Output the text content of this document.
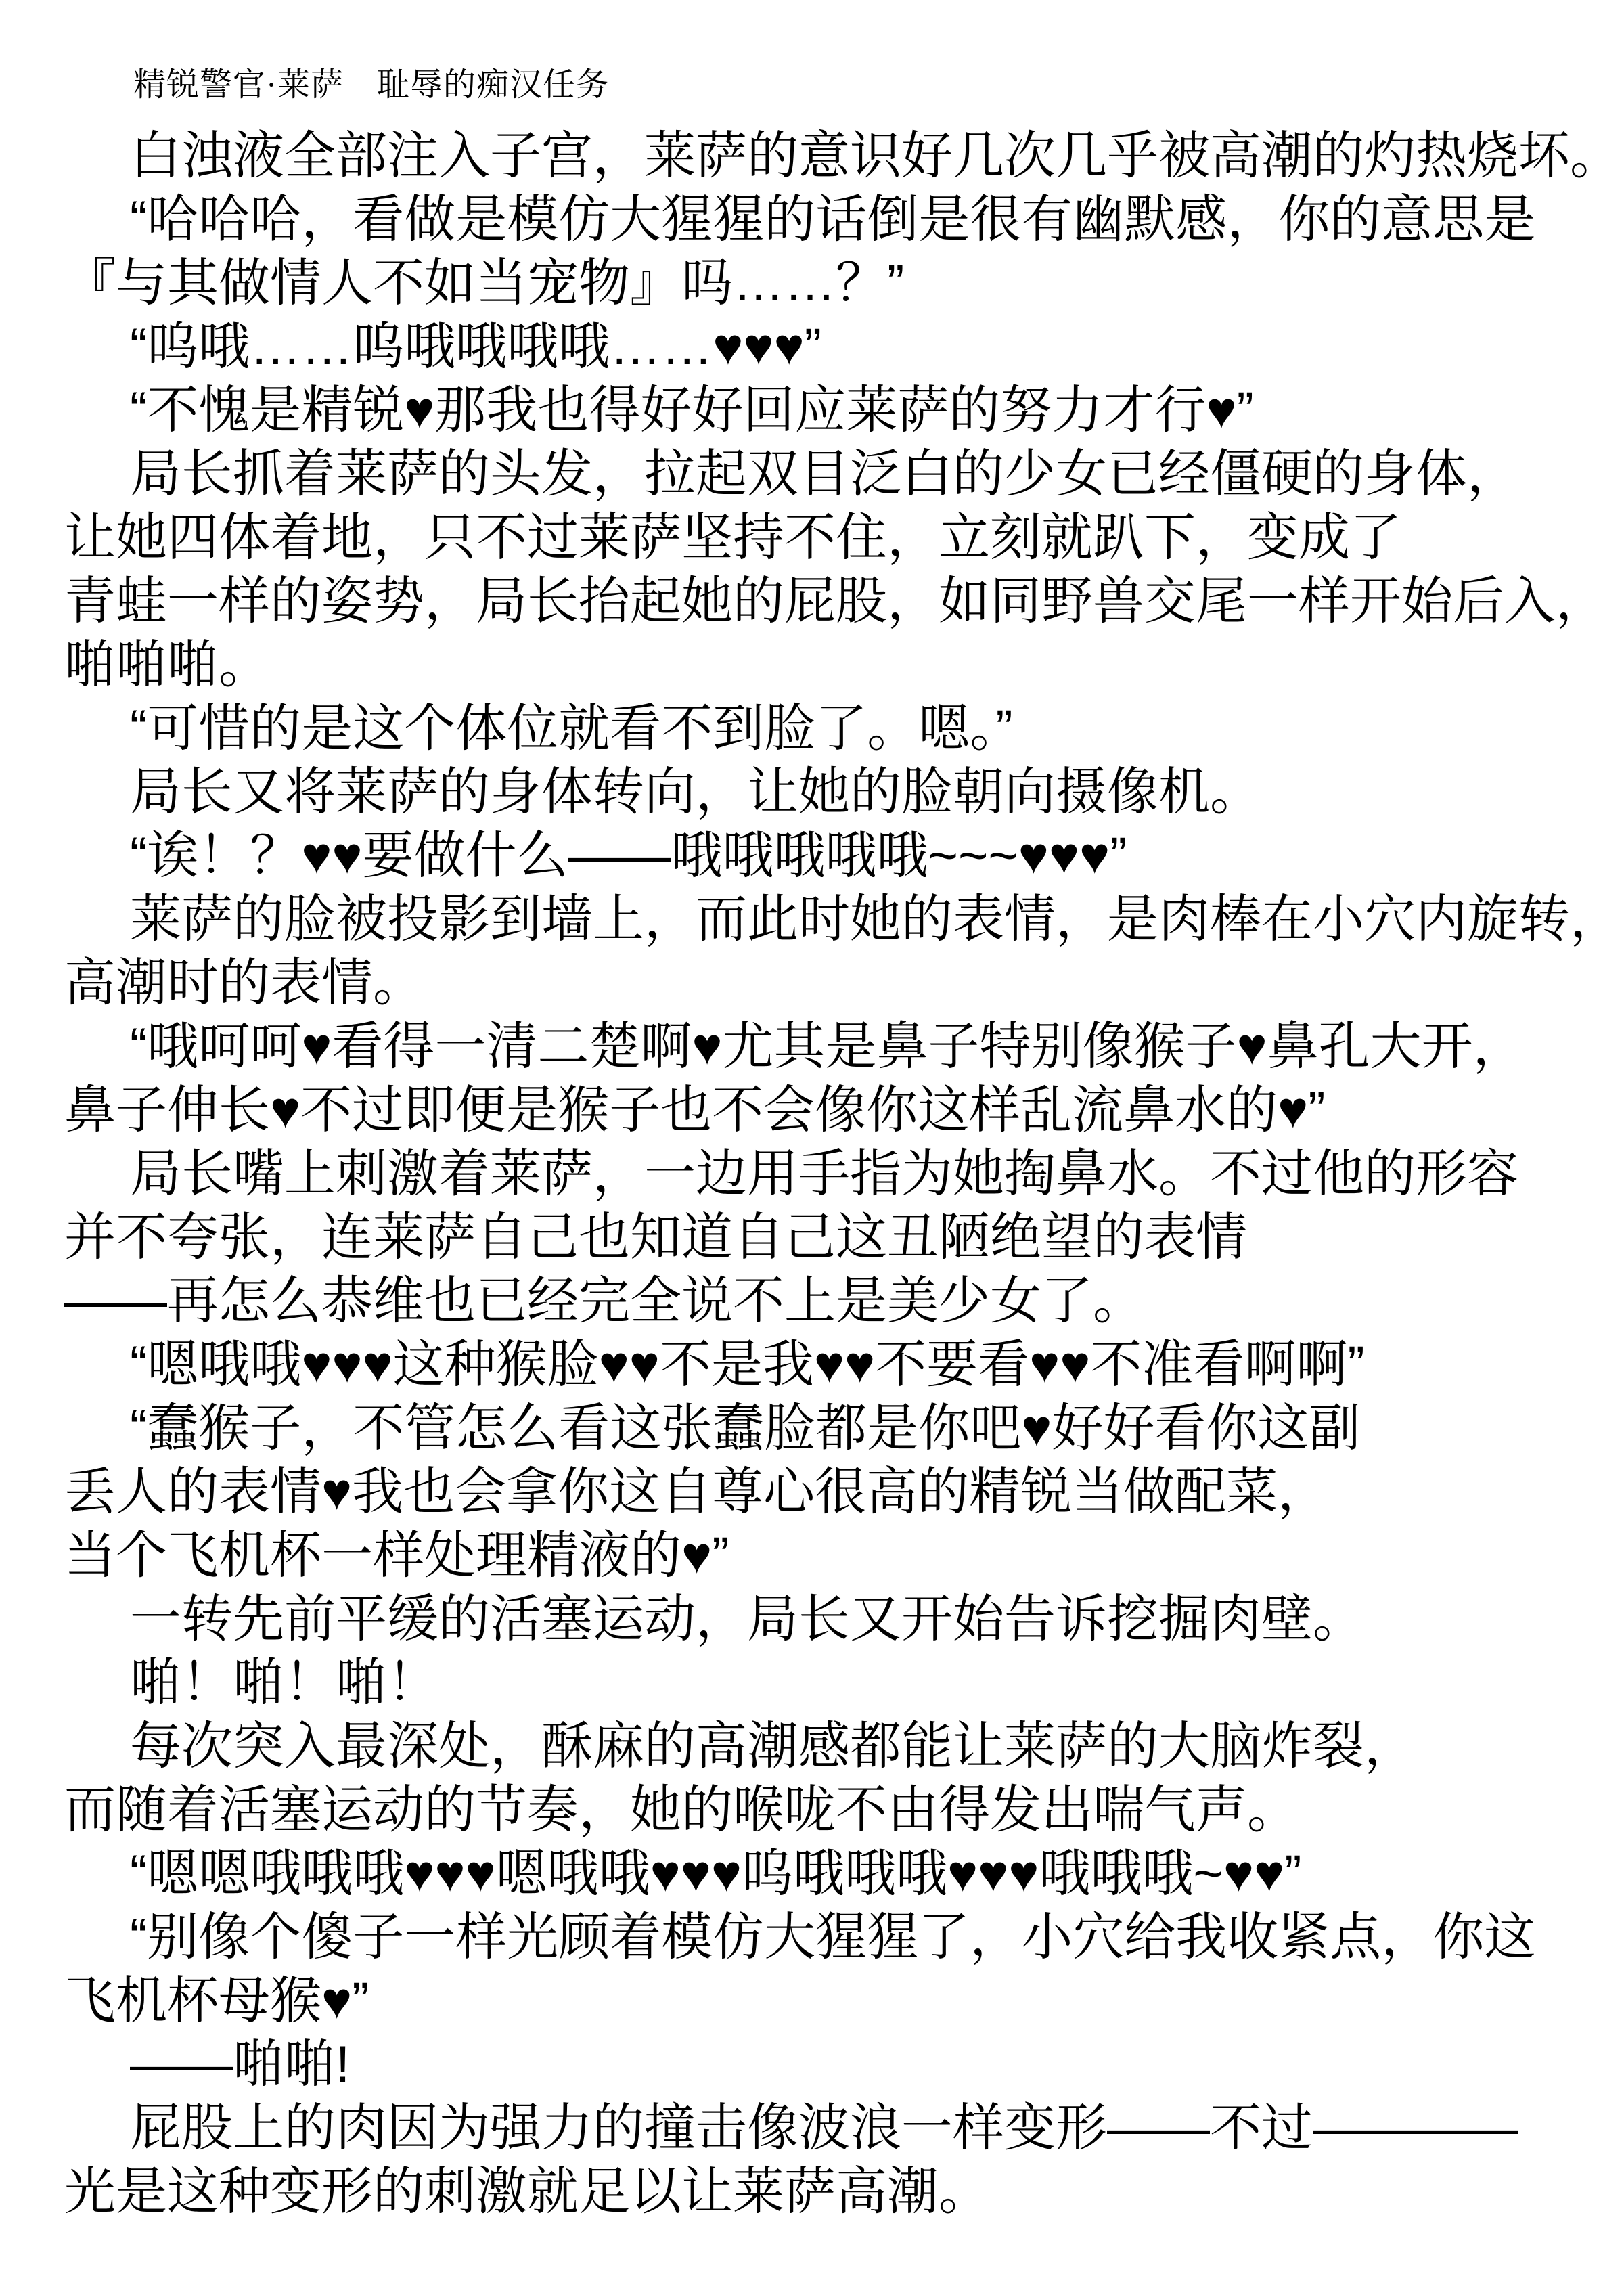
精锐警官·莱萨　耻辱的痴汉任务
白浊液全部注入子宫，莱萨的意识好几次几乎被高潮的灼热烧坏。
“哈哈哈，看做是模仿大猩猩的话倒是很有幽默感，你的意思是
『与其做情人不如当宠物』吗……？”
“呜哦……呜哦哦哦哦……♥♥♥”
“不愧是精锐♥那我也得好好回应莱萨的努力才行♥”
局长抓着莱萨的头发，拉起双目泛白的少女已经僵硬的身体，
让她四体着地，只不过莱萨坚持不住，立刻就趴下，变成了
青蛙一样的姿势，局长抬起她的屁股，如同野兽交尾一样开始后入，
啪啪啪。
“可惜的是这个体位就看不到脸了。嗯。”
局长又将莱萨的身体转向，让她的脸朝向摄像机。
“诶！？♥♥要做什么——哦哦哦哦哦~~~♥♥♥”
莱萨的脸被投影到墙上，而此时她的表情，是肉棒在小穴内旋转，
高潮时的表情。
“哦呵呵♥看得一清二楚啊♥尤其是鼻子特别像猴子♥鼻孔大开，
鼻子伸长♥不过即便是猴子也不会像你这样乱流鼻水的♥”
局长嘴上刺激着莱萨，一边用手指为她掏鼻水。不过他的形容
并不夸张，连莱萨自己也知道自己这丑陋绝望的表情
——再怎么恭维也已经完全说不上是美少女了。
“嗯哦哦♥♥♥这种猴脸♥♥不是我♥♥不要看♥♥不准看啊啊”
“蠢猴子，不管怎么看这张蠢脸都是你吧♥好好看你这副
丢人的表情♥我也会拿你这自尊心很高的精锐当做配菜，
当个飞机杯一样处理精液的♥”
一转先前平缓的活塞运动，局长又开始告诉挖掘肉壁。
啪！啪！啪！
每次突入最深处，酥麻的高潮感都能让莱萨的大脑炸裂，
而随着活塞运动的节奏，她的喉咙不由得发出喘气声。
“嗯嗯哦哦哦♥♥♥嗯哦哦♥♥♥呜哦哦哦♥♥♥哦哦哦~♥♥”
“别像个傻子一样光顾着模仿大猩猩了，小穴给我收紧点，你这
飞机杯母猴♥”
——啪啪!
屁股上的肉因为强力的撞击像波浪一样变形——不过————
光是这种变形的刺激就足以让莱萨高潮。
